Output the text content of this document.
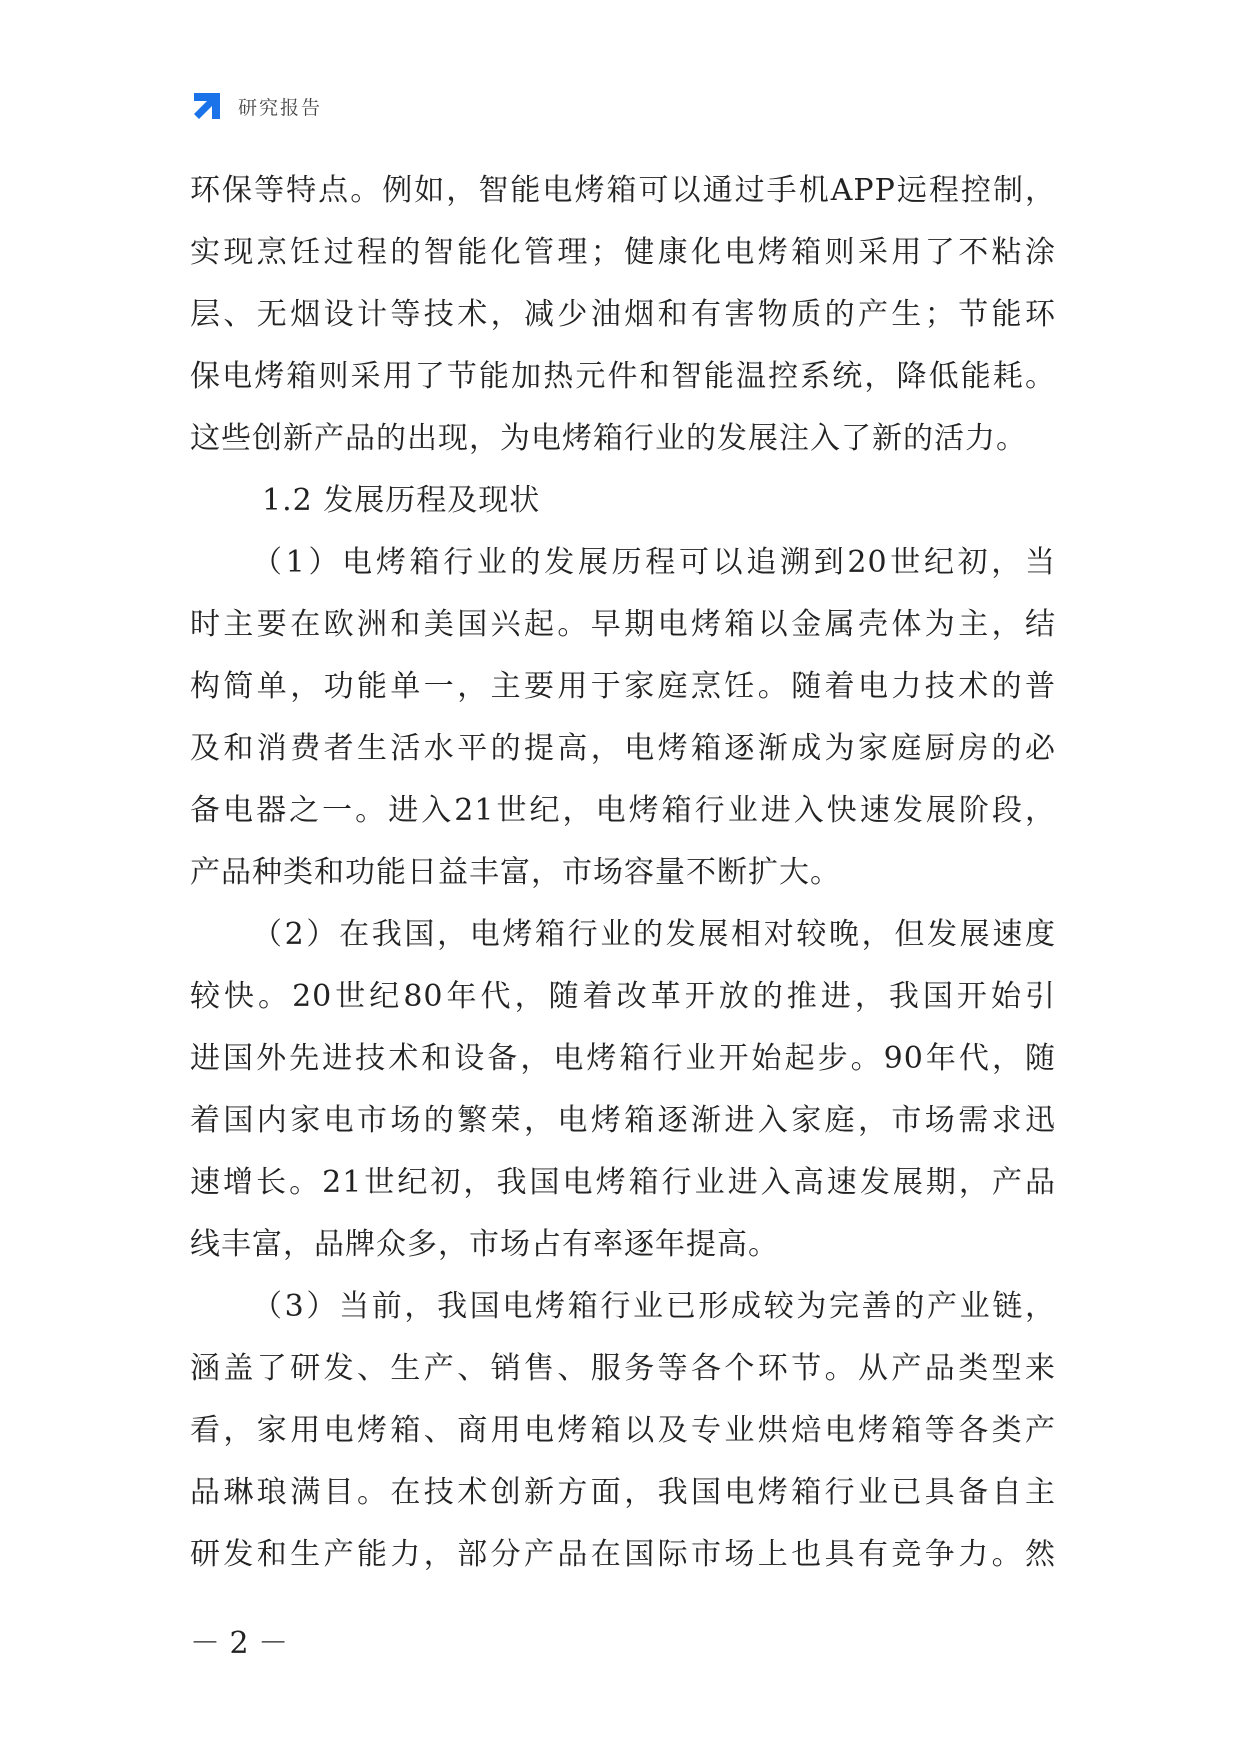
研究报告
环保等特点。例如，智能电烤箱可以通过手机APP远程控制，
实现烹饪过程的智能化管理；健康化电烤箱则采用了不粘涂
层、无烟设计等技术，减少油烟和有害物质的产生；节能环
保电烤箱则采用了节能加热元件和智能温控系统，降低能耗。
这些创新产品的出现，为电烤箱行业的发展注入了新的活力。
1.2 发展历程及现状
（1）电烤箱行业的发展历程可以追溯到20世纪初，当
时主要在欧洲和美国兴起。早期电烤箱以金属壳体为主，结
构简单，功能单一，主要用于家庭烹饪。随着电力技术的普
及和消费者生活水平的提高，电烤箱逐渐成为家庭厨房的必
备电器之一。进入21世纪，电烤箱行业进入快速发展阶段，
产品种类和功能日益丰富，市场容量不断扩大。
（2）在我国，电烤箱行业的发展相对较晚，但发展速度
较快。20世纪80年代，随着改革开放的推进，我国开始引
进国外先进技术和设备，电烤箱行业开始起步。90年代，随
着国内家电市场的繁荣，电烤箱逐渐进入家庭，市场需求迅
速增长。21世纪初，我国电烤箱行业进入高速发展期，产品
线丰富，品牌众多，市场占有率逐年提高。
（3）当前，我国电烤箱行业已形成较为完善的产业链，
涵盖了研发、生产、销售、服务等各个环节。从产品类型来
看，家用电烤箱、商用电烤箱以及专业烘焙电烤箱等各类产
品琳琅满目。在技术创新方面，我国电烤箱行业已具备自主
研发和生产能力，部分产品在国际市场上也具有竞争力。然
－ 2 －
